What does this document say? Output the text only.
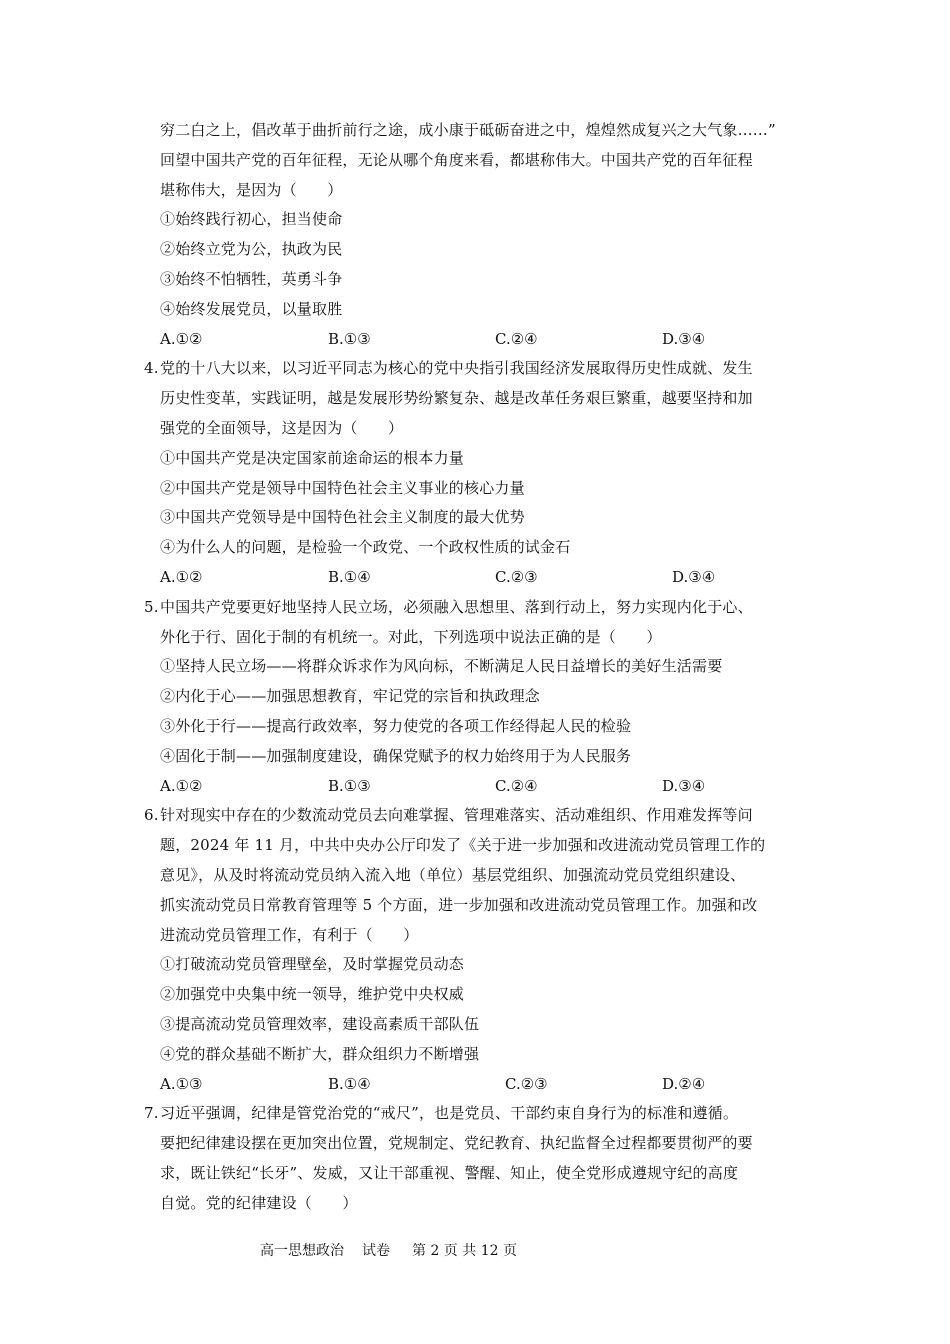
穷二白之上，倡改革于曲折前行之途，成小康于砥砺奋进之中，煌煌然成复兴之大气象……”
回望中国共产党的百年征程，无论从哪个角度来看，都堪称伟大。中国共产党的百年征程
堪称伟大，是因为（　　）
①始终践行初心，担当使命
②始终立党为公，执政为民
③始终不怕牺牲，英勇斗争
④始终发展党员，以量取胜
A.①②	B.①③	C.②④	D.③④
4. 党的十八大以来，以习近平同志为核心的党中央指引我国经济发展取得历史性成就、发生
历史性变革，实践证明，越是发展形势纷繁复杂、越是改革任务艰巨繁重，越要坚持和加
强党的全面领导，这是因为（　　）
①中国共产党是决定国家前途命运的根本力量
②中国共产党是领导中国特色社会主义事业的核心力量
③中国共产党领导是中国特色社会主义制度的最大优势
④为什么人的问题，是检验一个政党、一个政权性质的试金石
A.①②	B.①④	C.②③	D.③④
5. 中国共产党要更好地坚持人民立场，必须融入思想里、落到行动上，努力实现内化于心、
外化于行、固化于制的有机统一。对此，下列选项中说法正确的是（　　）
①坚持人民立场——将群众诉求作为风向标，不断满足人民日益增长的美好生活需要
②内化于心——加强思想教育，牢记党的宗旨和执政理念
③外化于行——提高行政效率，努力使党的各项工作经得起人民的检验
④固化于制——加强制度建设，确保党赋予的权力始终用于为人民服务
A.①②	B.①③	C.②④	D.③④
6. 针对现实中存在的少数流动党员去向难掌握、管理难落实、活动难组织、作用难发挥等问
题，2024 年 11 月，中共中央办公厅印发了《关于进一步加强和改进流动党员管理工作的
意见》，从及时将流动党员纳入流入地（单位）基层党组织、加强流动党员党组织建设、
抓实流动党员日常教育管理等 5 个方面，进一步加强和改进流动党员管理工作。加强和改
进流动党员管理工作，有利于（　　）
①打破流动党员管理壁垒，及时掌握党员动态
②加强党中央集中统一领导，维护党中央权威
③提高流动党员管理效率，建设高素质干部队伍
④党的群众基础不断扩大，群众组织力不断增强
A.①③	B.①④	C.②③	D.②④
7. 习近平强调，纪律是管党治党的“戒尺”，也是党员、干部约束自身行为的标准和遵循。
要把纪律建设摆在更加突出位置，党规制定、党纪教育、执纪监督全过程都要贯彻严的要
求，既让铁纪“长牙”、发威，又让干部重视、警醒、知止，使全党形成遵规守纪的高度
自觉。党的纪律建设（　　）
高一思想政治 试卷 第 2 页 共 12 页
